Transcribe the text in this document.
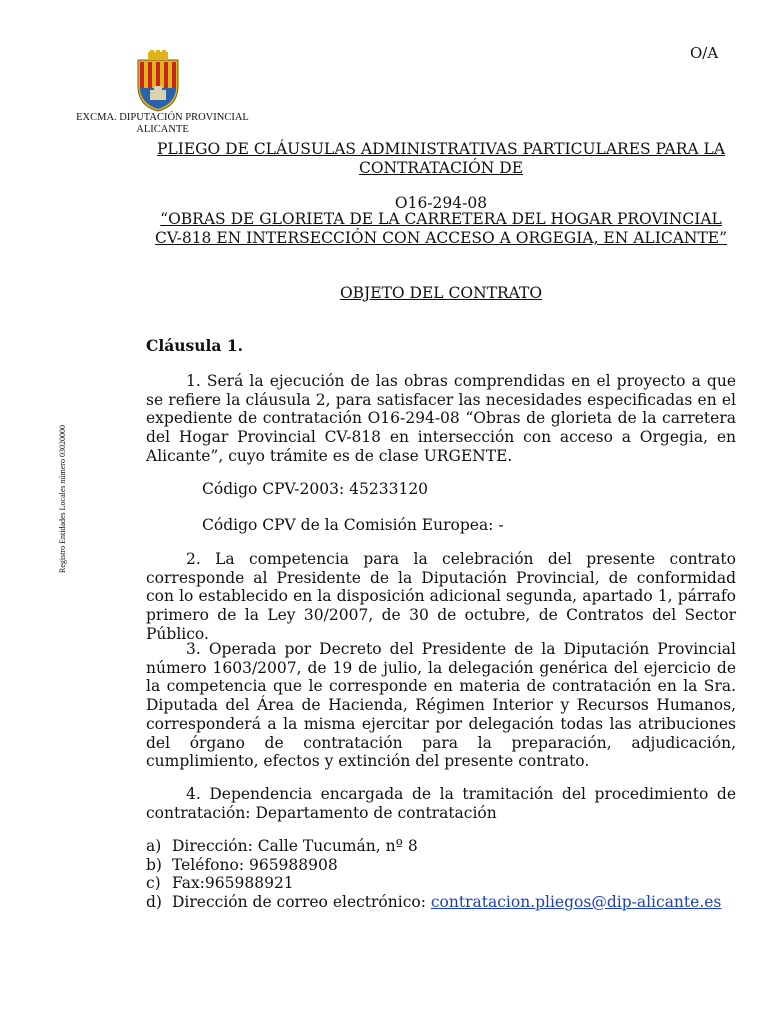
O/A
EXCMA. DIPUTACIÓN PROVINCIAL
ALICANTE
Registro Entidades Locales número 03020000
PLIEGO DE CLÁUSULAS ADMINISTRATIVAS PARTICULARES PARA LA
CONTRATACIÓN DE
O16-294-08
“OBRAS DE GLORIETA DE LA CARRETERA DEL HOGAR PROVINCIAL
CV-818 EN INTERSECCIÓN CON ACCESO A ORGEGIA, EN ALICANTE”
OBJETO DEL CONTRATO
Cláusula 1.

1. Será la ejecución de las obras comprendidas en el proyecto a que se refiere la cláusula 2, para satisfacer las necesidades especificadas en el expediente de contratación O16-294-08 “Obras de glorieta de la carretera del Hogar Provincial CV-818 en intersección con acceso a Orgegia, en Alicante”, cuyo trámite es de clase URGENTE.

Código CPV-2003: 45233120
Código CPV de la Comisión Europea: -

2. La competencia para la celebración del presente contrato corresponde al Presidente de la Diputación Provincial, de conformidad con lo establecido en la disposición adicional segunda, apartado 1, párrafo primero de la Ley 30/2007, de 30 de octubre, de Contratos del Sector Público.

3. Operada por Decreto del Presidente de la Diputación Provincial número 1603/2007, de 19 de julio, la delegación genérica del ejercicio de la competencia que le corresponde en materia de contratación en la Sra. Diputada del Área de Hacienda, Régimen Interior y Recursos Humanos, corresponderá a la misma ejercitar por delegación todas las atribuciones del órgano de contratación para la preparación, adjudicación, cumplimiento, efectos y extinción del presente contrato.

4. Dependencia encargada de la tramitación del procedimiento de contratación: Departamento de contratación

a) Dirección: Calle Tucumán, nº 8
b) Teléfono: 965988908
c) Fax:965988921
d) Dirección de correo electrónico: contratacion.pliegos@dip-alicante.es
